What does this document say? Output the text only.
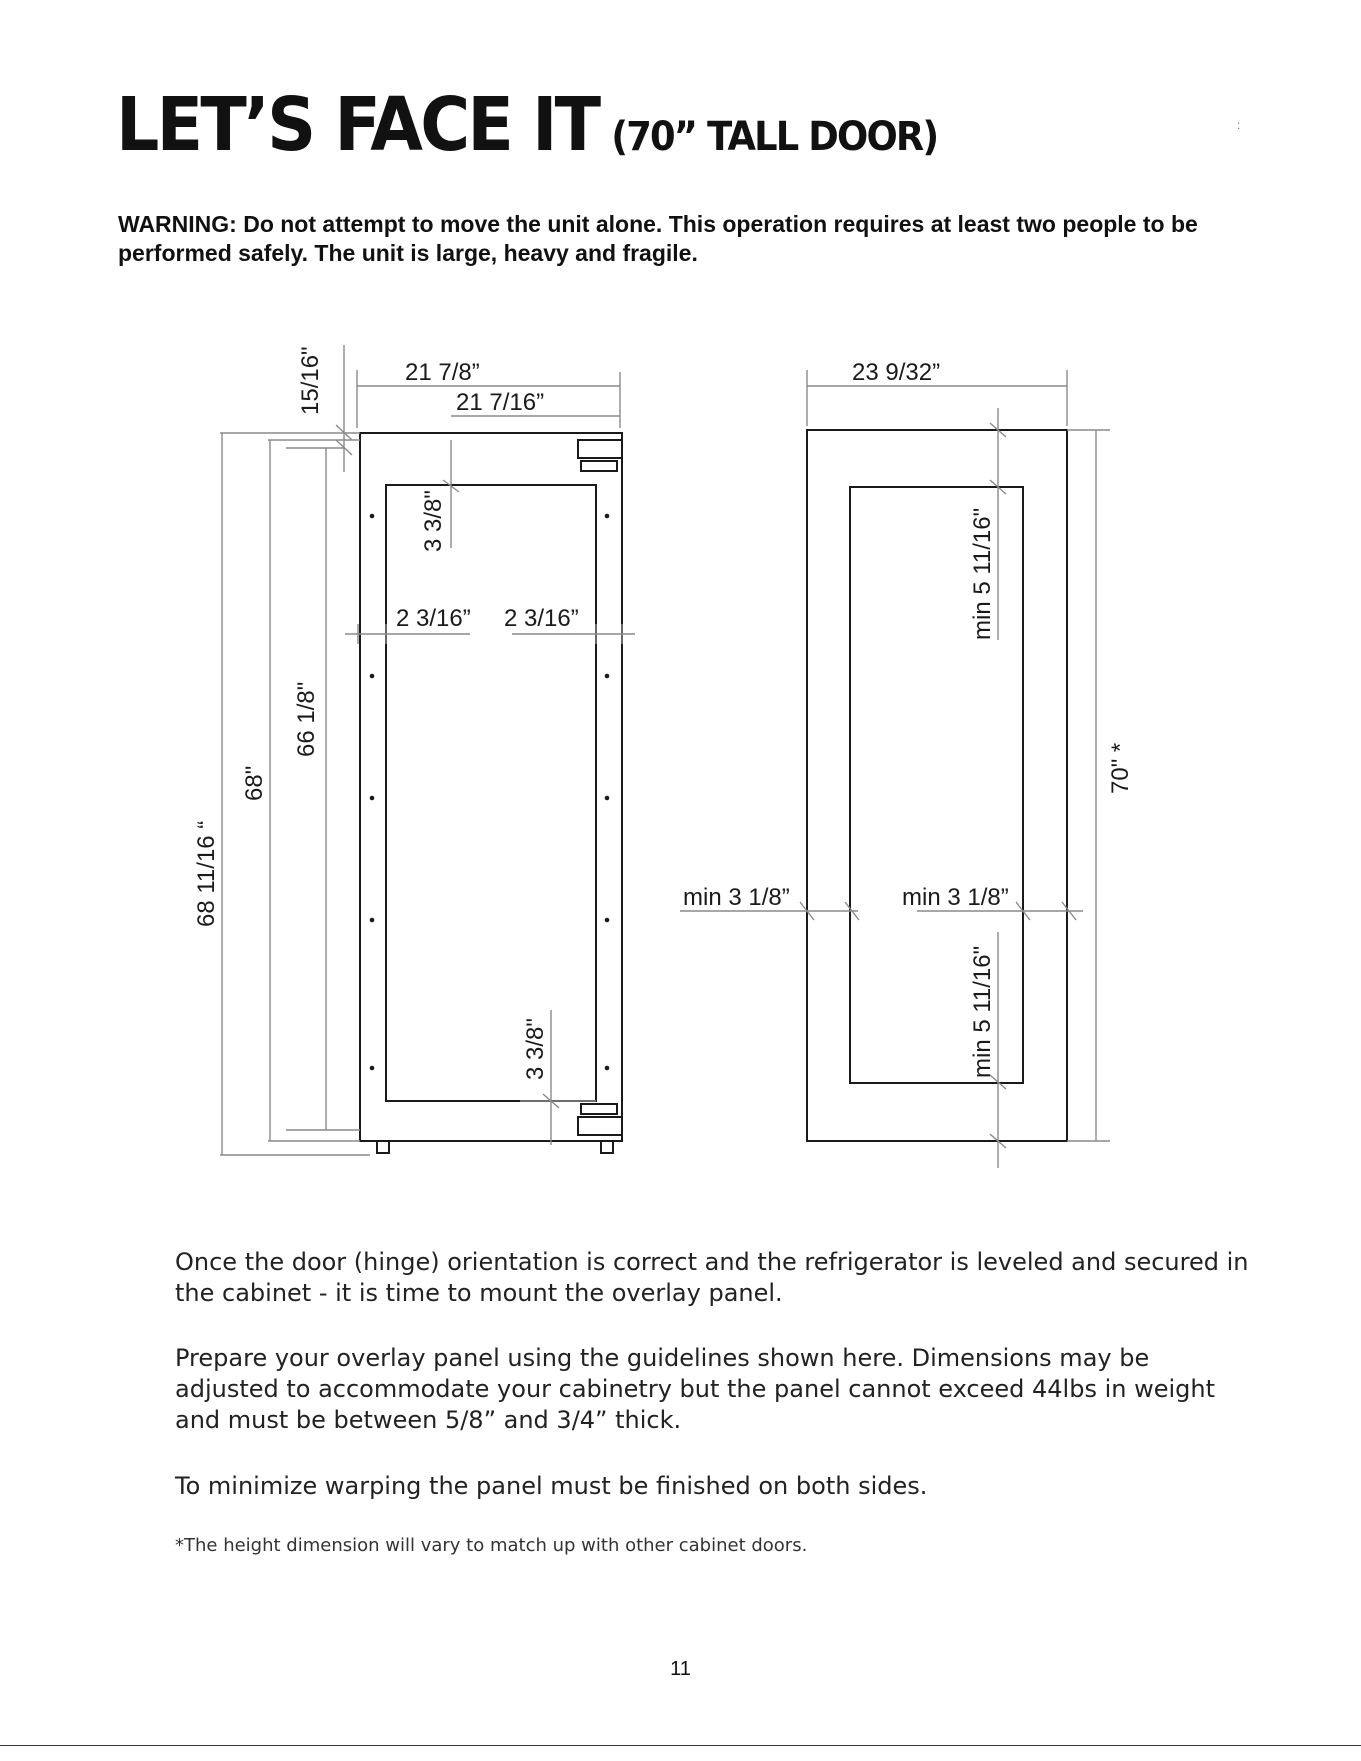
LET’S FACE IT (70” TALL DOOR)	:

WARNING: Do not attempt to move the unit alone. This operation requires at least two people to be performed safely. The unit is large, heavy and fragile.

15/16"	21 7/8”
21 7/16”
3 3/8"
2 3/16” 2 3/16”
66 1/8"
68"
68 11/16 “
3 3/8"
23 9/32”
min 5 11/16"
70" *
min 3 1/8”	min 3 1/8”
min 5 11/16"

Once the door (hinge) orientation is correct and the refrigerator is leveled and secured in the cabinet - it is time to mount the overlay panel.

Prepare your overlay panel using the guidelines shown here. Dimensions may be adjusted to accommodate your cabinetry but the panel cannot exceed 44lbs in weight and must be between 5/8” and 3/4” thick.

To minimize warping the panel must be finished on both sides.

*The height dimension will vary to match up with other cabinet doors.

11
